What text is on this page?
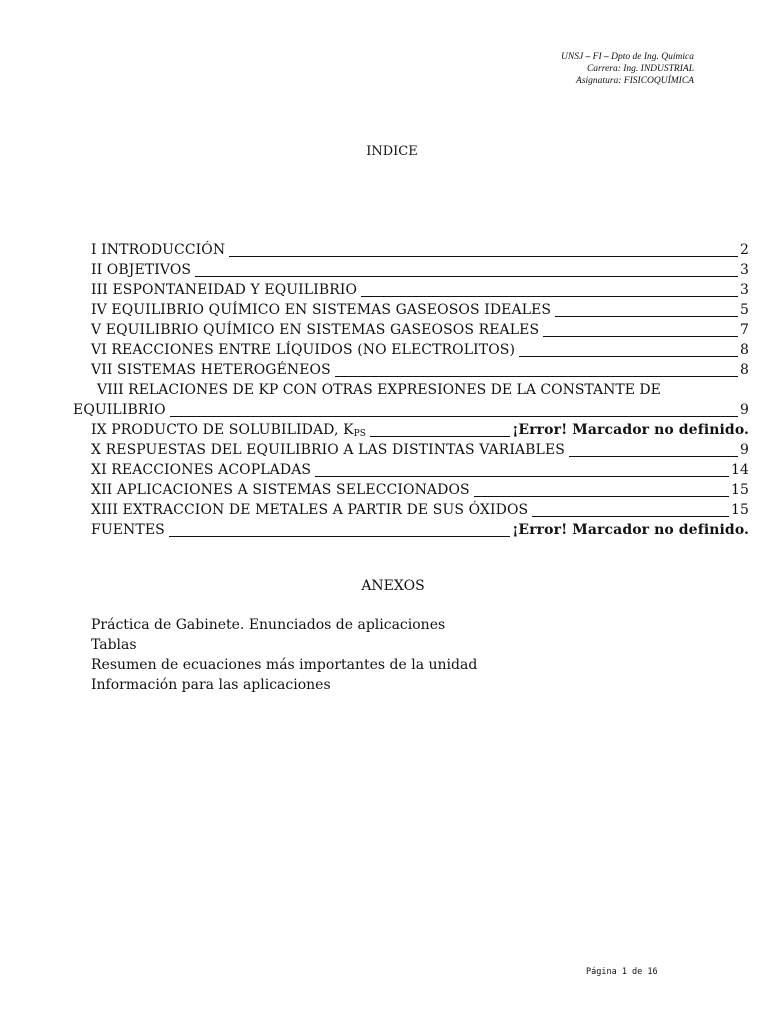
UNSJ – FI – Dpto de Ing. Química
Carrera: Ing. INDUSTRIAL
Asignatura: FISICOQUÍMICA
INDICE
I INTRODUCCIÓN	2
II OBJETIVOS	3
III ESPONTANEIDAD Y EQUILIBRIO	3
IV EQUILIBRIO QUÍMICO EN SISTEMAS GASEOSOS IDEALES	5
V EQUILIBRIO QUÍMICO EN SISTEMAS GASEOSOS REALES	7
VI REACCIONES ENTRE LÍQUIDOS (NO ELECTROLITOS)	8
VII SISTEMAS HETEROGÉNEOS	8
VIII RELACIONES DE KP CON OTRAS EXPRESIONES DE LA CONSTANTE DE
EQUILIBRIO	9
IX PRODUCTO DE SOLUBILIDAD, $K_{PS}$	¡Error! Marcador no definido.
X RESPUESTAS DEL EQUILIBRIO A LAS DISTINTAS VARIABLES	9
XI REACCIONES ACOPLADAS	14
XII APLICACIONES A SISTEMAS SELECCIONADOS	15
XIII EXTRACCION DE METALES A PARTIR DE SUS ÓXIDOS	15
FUENTES	¡Error! Marcador no definido.
ANEXOS
Práctica de Gabinete. Enunciados de aplicaciones
Tablas
Resumen de ecuaciones más importantes de la unidad
Información para las aplicaciones
Página 1 de 16
